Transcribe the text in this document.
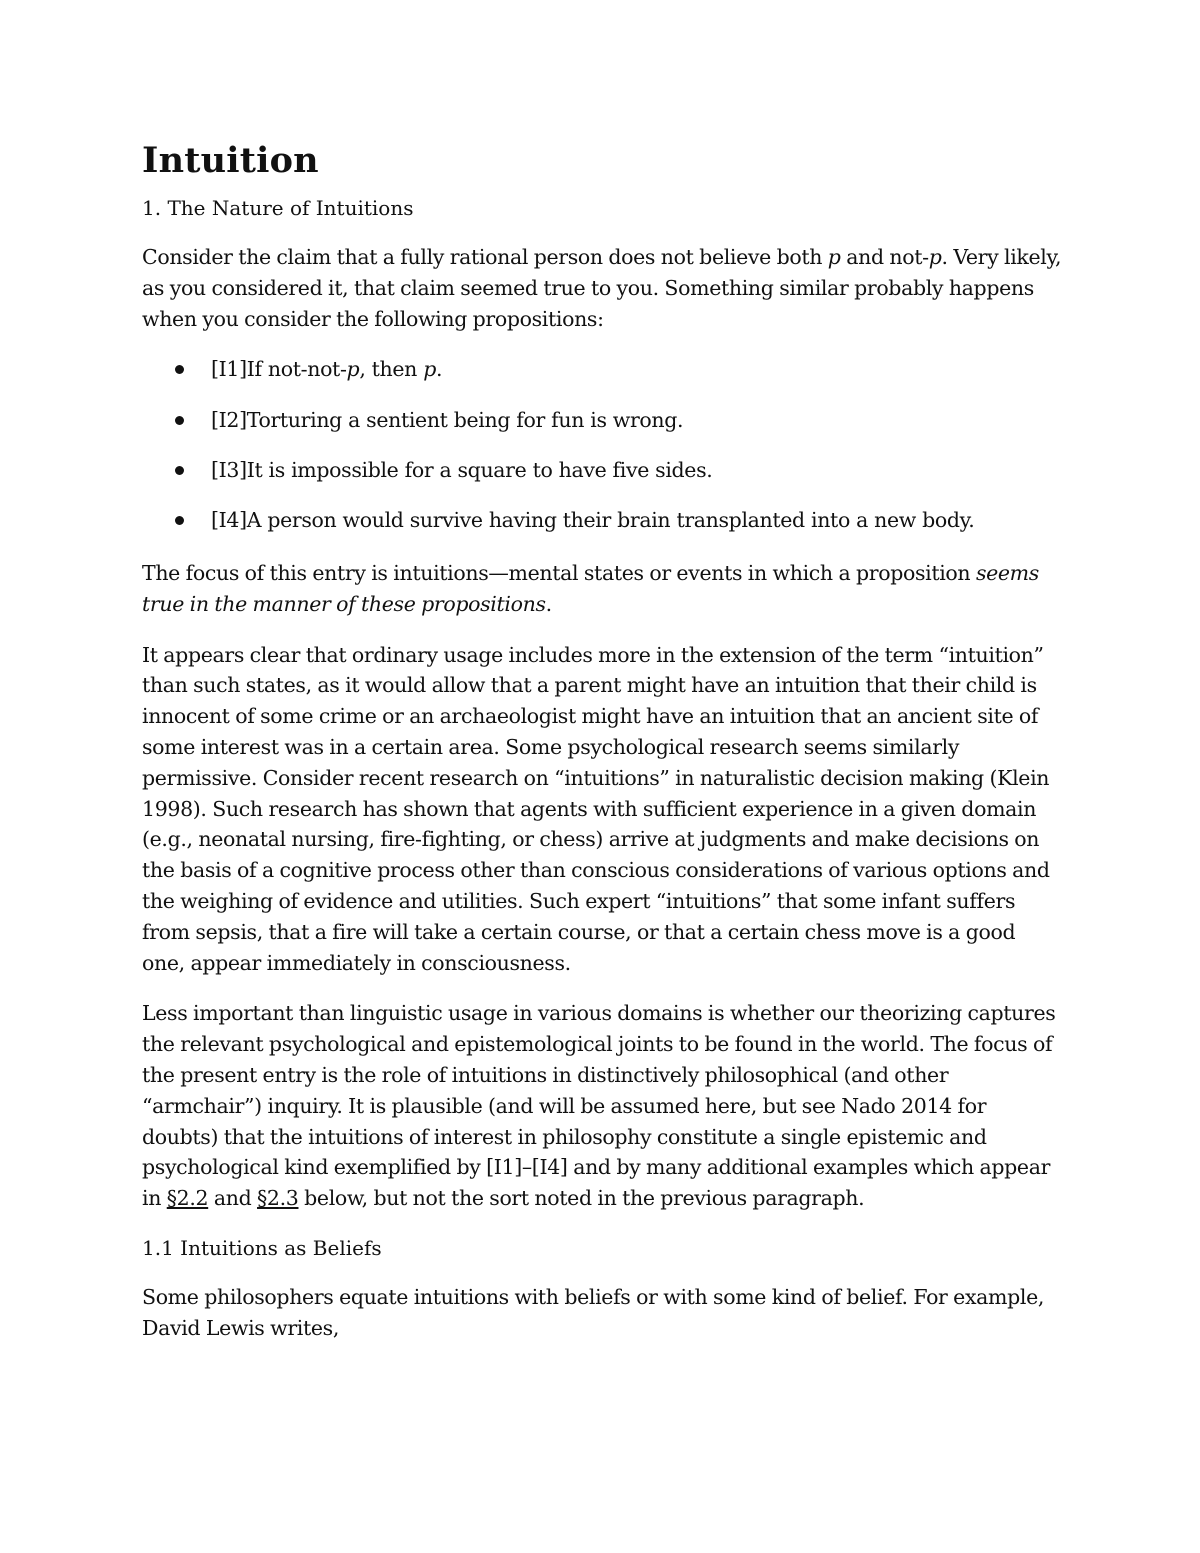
Intuition
1. The Nature of Intuitions

Consider the claim that a fully rational person does not believe both p and not-p. Very likely, as you considered it, that claim seemed true to you. Something similar probably happens when you consider the following propositions:

[I1]If not-not-p, then p.
[I2]Torturing a sentient being for fun is wrong.
[I3]It is impossible for a square to have five sides.
[I4]A person would survive having their brain transplanted into a new body.

The focus of this entry is intuitions—mental states or events in which a proposition seems true in the manner of these propositions.

It appears clear that ordinary usage includes more in the extension of the term “intuition” than such states, as it would allow that a parent might have an intuition that their child is innocent of some crime or an archaeologist might have an intuition that an ancient site of some interest was in a certain area. Some psychological research seems similarly permissive. Consider recent research on “intuitions” in naturalistic decision making (Klein 1998). Such research has shown that agents with sufficient experience in a given domain (e.g., neonatal nursing, fire-fighting, or chess) arrive at judgments and make decisions on the basis of a cognitive process other than conscious considerations of various options and the weighing of evidence and utilities. Such expert “intuitions” that some infant suffers from sepsis, that a fire will take a certain course, or that a certain chess move is a good one, appear immediately in consciousness.

Less important than linguistic usage in various domains is whether our theorizing captures the relevant psychological and epistemological joints to be found in the world. The focus of the present entry is the role of intuitions in distinctively philosophical (and other “armchair”) inquiry. It is plausible (and will be assumed here, but see Nado 2014 for doubts) that the intuitions of interest in philosophy constitute a single epistemic and psychological kind exemplified by [I1]–[I4] and by many additional examples which appear in §2.2 and §2.3 below, but not the sort noted in the previous paragraph.

1.1 Intuitions as Beliefs

Some philosophers equate intuitions with beliefs or with some kind of belief. For example, David Lewis writes,
